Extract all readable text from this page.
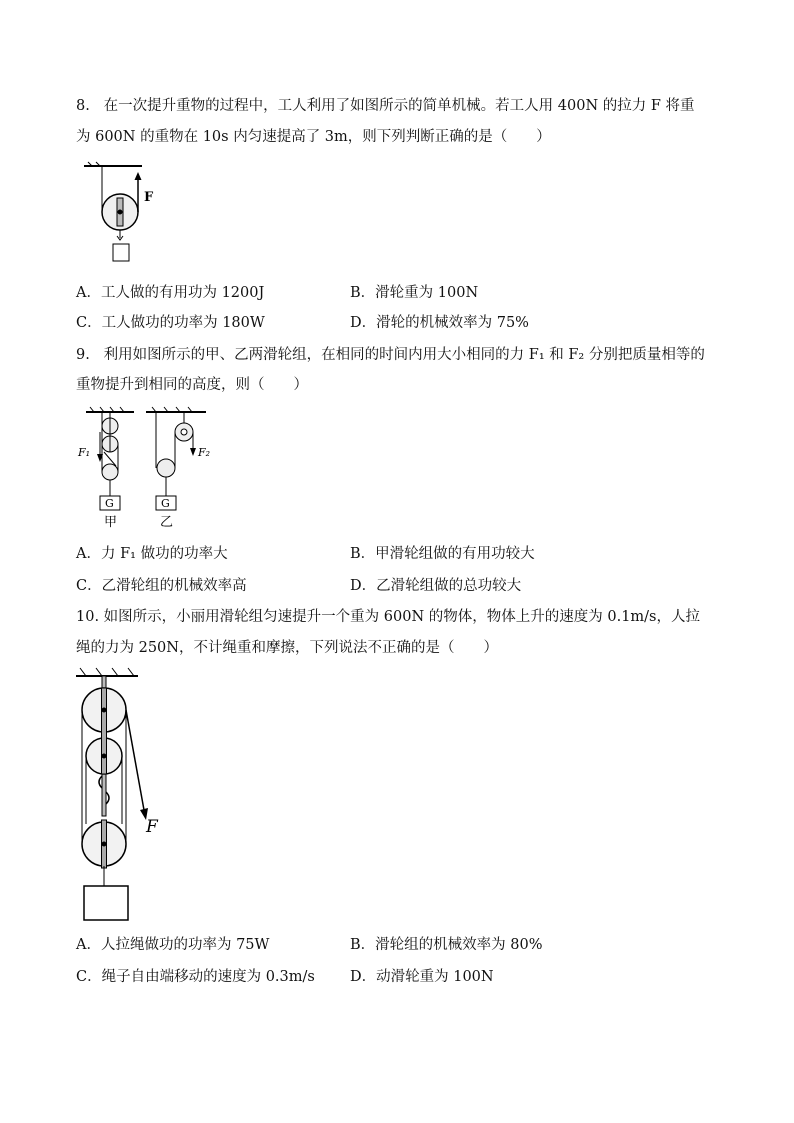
8. 在一次提升重物的过程中，工人利用了如图所示的简单机械。若工人用 400N 的拉力 F 将重
为 600N 的重物在 10s 内匀速提高了 3m，则下列判断正确的是（　　）
F
A．工人做的有用功为 1200J	B．滑轮重为 100N
C．工人做功的功率为 180W	D．滑轮的机械效率为 75%
9. 利用如图所示的甲、乙两滑轮组，在相同的时间内用大小相同的力 F₁ 和 F₂ 分别把质量相等的
重物提升到相同的高度，则（　　）
G
F₁
甲
G
F₂
乙
A．力 F₁ 做功的功率大	B．甲滑轮组做的有用功较大
C．乙滑轮组的机械效率高	D．乙滑轮组做的总功较大
10. 如图所示，小丽用滑轮组匀速提升一个重为 600N 的物体，物体上升的速度为 0.1m/s，人拉
绳的力为 250N，不计绳重和摩擦，下列说法不正确的是（　　）
F
A．人拉绳做功的功率为 75W	B．滑轮组的机械效率为 80%
C．绳子自由端移动的速度为 0.3m/s D．动滑轮重为 100N
